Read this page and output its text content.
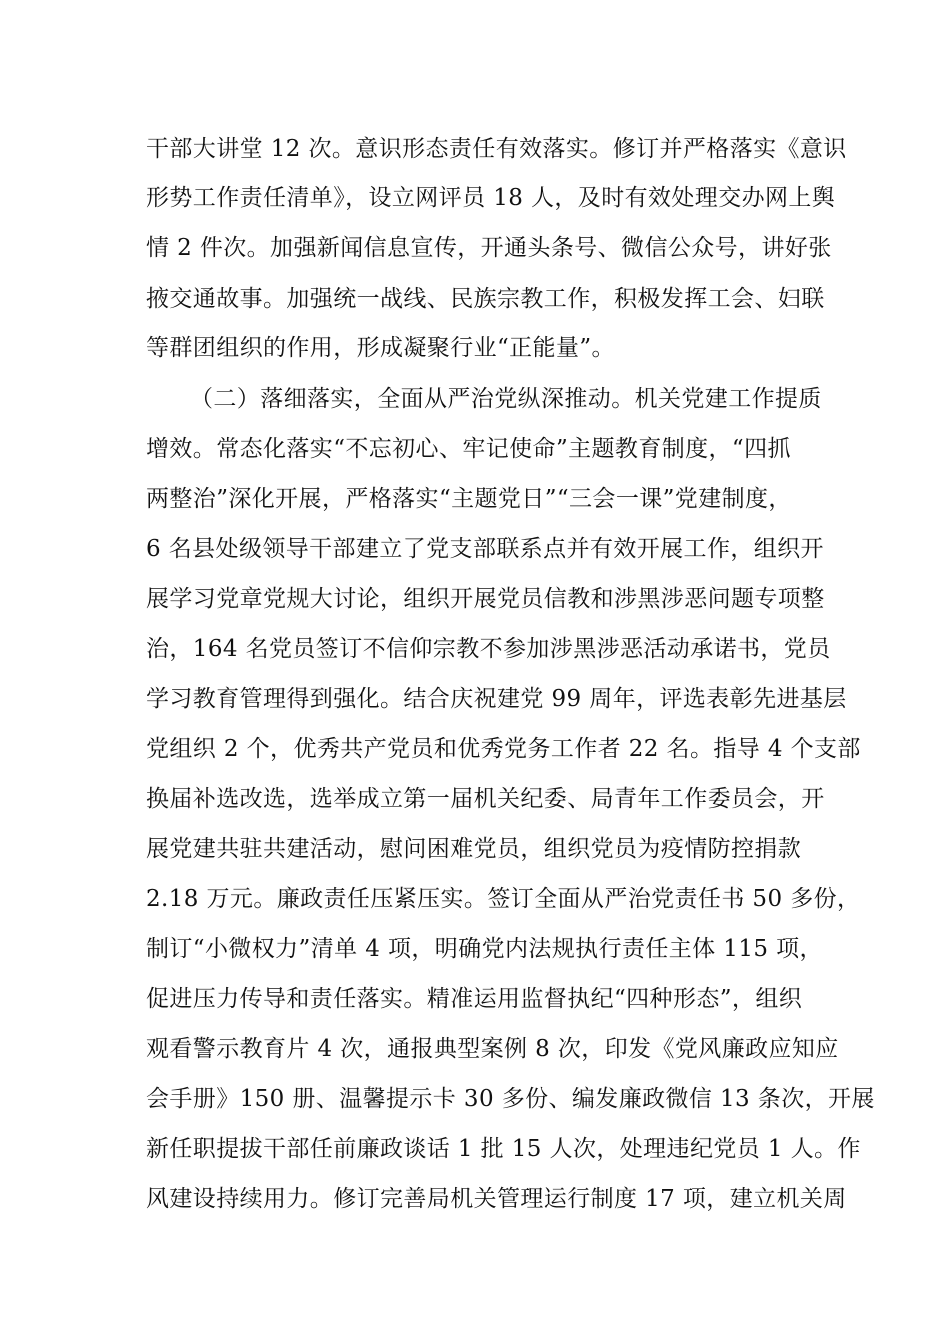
干部大讲堂 12 次。意识形态责任有效落实。修订并严格落实《意识
形势工作责任清单》，设立网评员 18 人，及时有效处理交办网上舆
情 2 件次。加强新闻信息宣传，开通头条号、微信公众号，讲好张
掖交通故事。加强统一战线、民族宗教工作，积极发挥工会、妇联
等群团组织的作用，形成凝聚行业“正能量”。
（二）落细落实，全面从严治党纵深推动。机关党建工作提质
增效。常态化落实“不忘初心、牢记使命”主题教育制度，“四抓
两整治”深化开展，严格落实“主题党日”“三会一课”党建制度，
6 名县处级领导干部建立了党支部联系点并有效开展工作，组织开
展学习党章党规大讨论，组织开展党员信教和涉黑涉恶问题专项整
治，164 名党员签订不信仰宗教不参加涉黑涉恶活动承诺书，党员
学习教育管理得到强化。结合庆祝建党 99 周年，评选表彰先进基层
党组织 2 个，优秀共产党员和优秀党务工作者 22 名。指导 4 个支部
换届补选改选，选举成立第一届机关纪委、局青年工作委员会，开
展党建共驻共建活动，慰问困难党员，组织党员为疫情防控捐款
2.18 万元。廉政责任压紧压实。签订全面从严治党责任书 50 多份，
制订“小微权力”清单 4 项，明确党内法规执行责任主体 115 项，
促进压力传导和责任落实。精准运用监督执纪“四种形态”，组织
观看警示教育片 4 次，通报典型案例 8 次，印发《党风廉政应知应
会手册》150 册、温馨提示卡 30 多份、编发廉政微信 13 条次，开展
新任职提拔干部任前廉政谈话 1 批 15 人次，处理违纪党员 1 人。作
风建设持续用力。修订完善局机关管理运行制度 17 项，建立机关周
